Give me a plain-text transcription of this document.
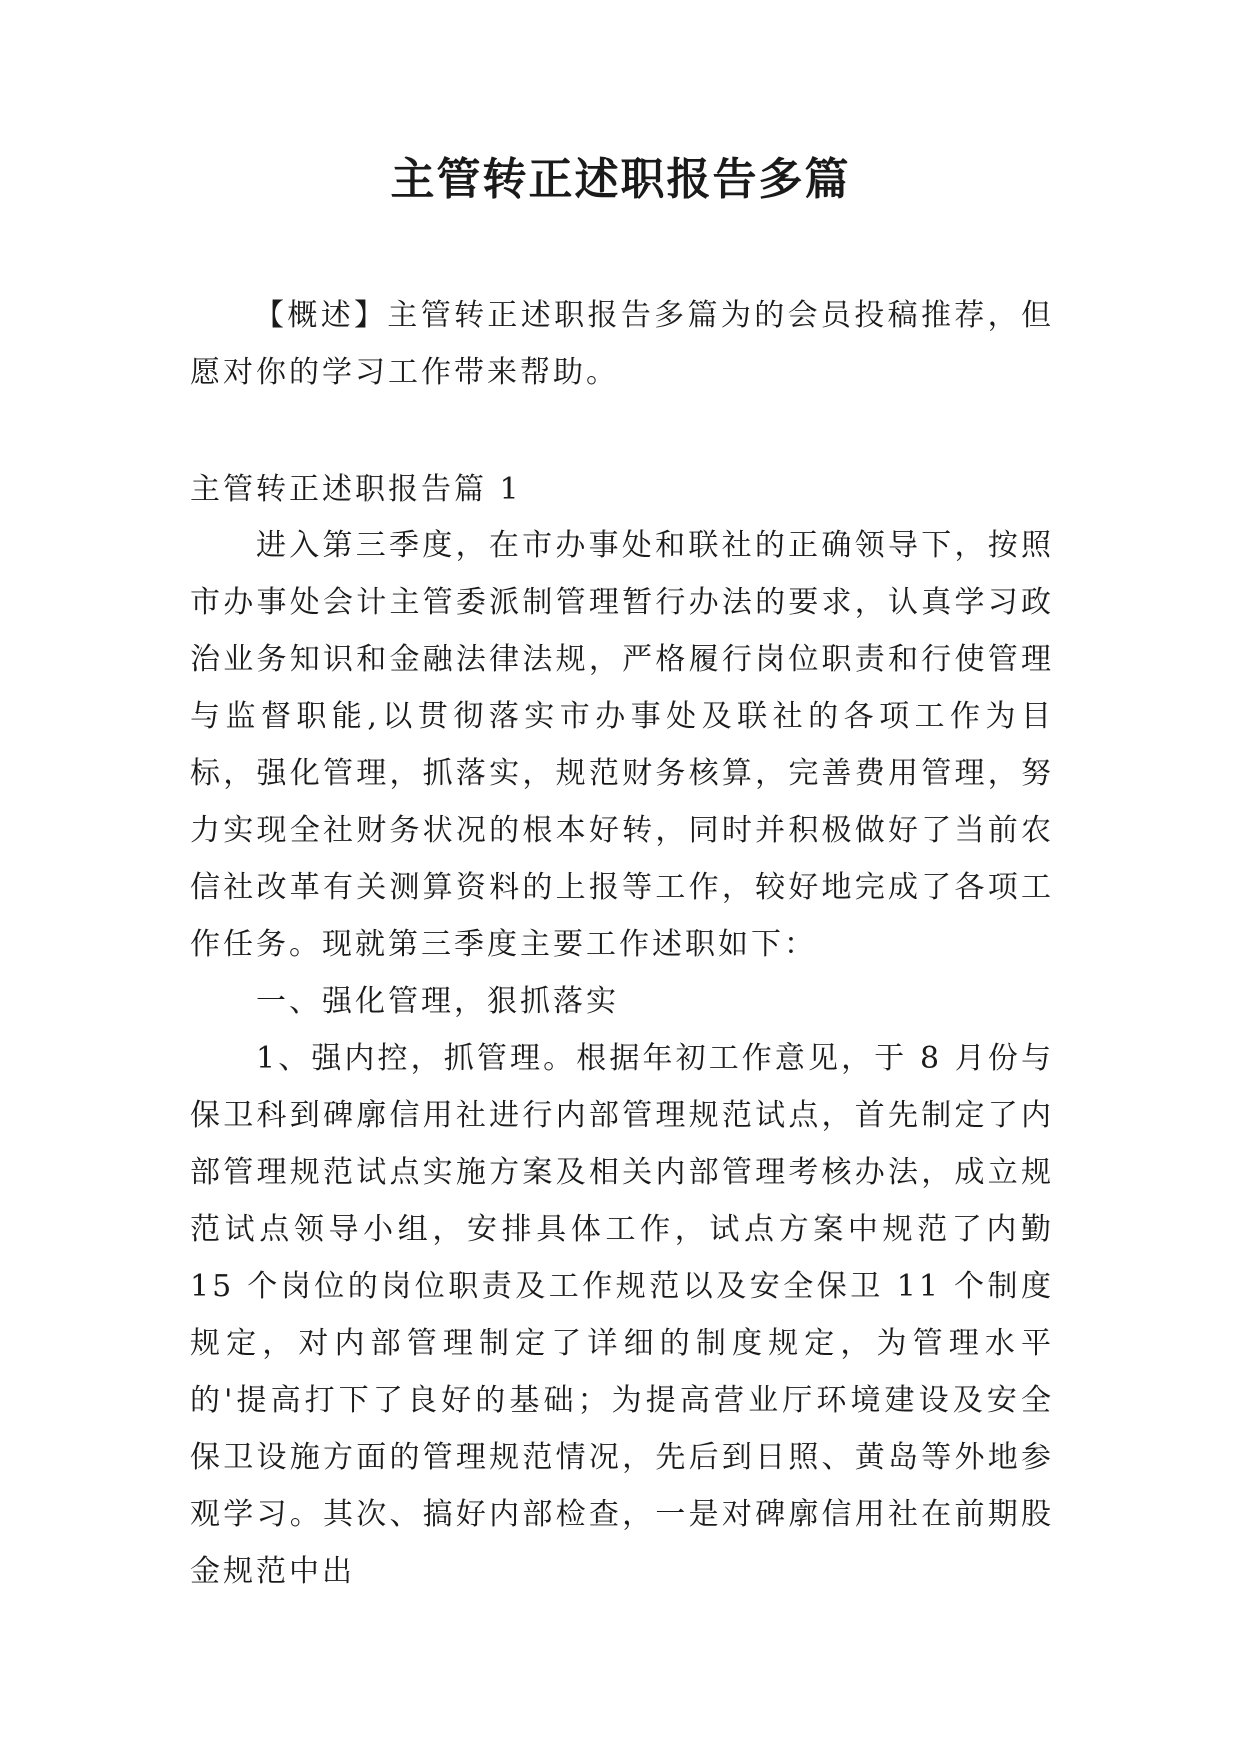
主管转正述职报告多篇

【概述】主管转正述职报告多篇为的会员投稿推荐，但愿对你的学习工作带来帮助。

主管转正述职报告篇 1

进入第三季度，在市办事处和联社的正确领导下，按照市办事处会计主管委派制管理暂行办法的要求，认真学习政治业务知识和金融法律法规，严格履行岗位职责和行使管理与监督职能,以贯彻落实市办事处及联社的各项工作为目标，强化管理，抓落实，规范财务核算，完善费用管理，努力实现全社财务状况的根本好转，同时并积极做好了当前农信社改革有关测算资料的上报等工作，较好地完成了各项工作任务。现就第三季度主要工作述职如下：

一、强化管理，狠抓落实

1、强内控，抓管理。根据年初工作意见，于 8 月份与保卫科到碑廓信用社进行内部管理规范试点，首先制定了内部管理规范试点实施方案及相关内部管理考核办法，成立规范试点领导小组，安排具体工作，试点方案中规范了内勤 15 个岗位的岗位职责及工作规范以及安全保卫 11 个制度规定，对内部管理制定了详细的制度规定，为管理水平的'提高打下了良好的基础；为提高营业厅环境建设及安全保卫设施方面的管理规范情况，先后到日照、黄岛等外地参观学习。其次、搞好内部检查，一是对碑廓信用社在前期股金规范中出
